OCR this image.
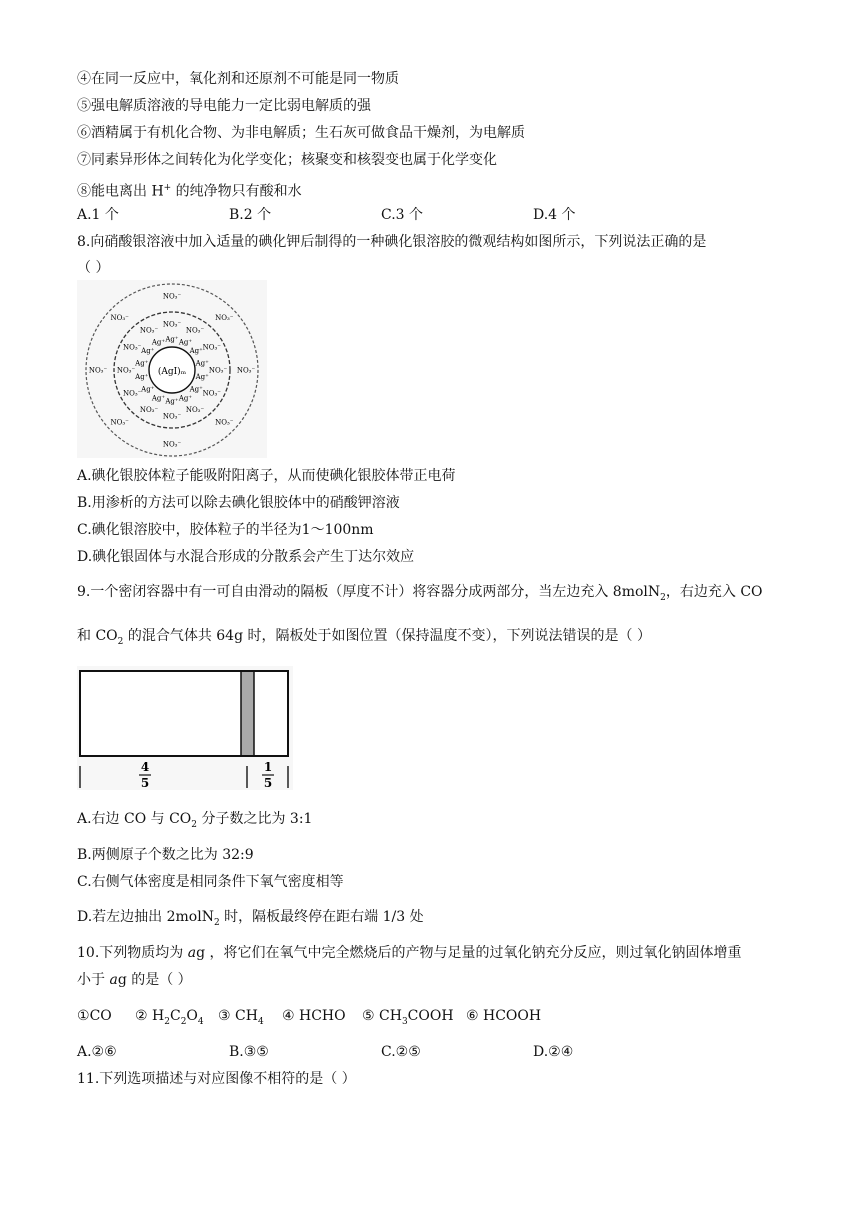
④在同一反应中，氧化剂和还原剂不可能是同一物质
⑤强电解质溶液的导电能力一定比弱电解质的强
⑥酒精属于有机化合物、为非电解质；生石灰可做食品干燥剂，为电解质
⑦同素异形体之间转化为化学变化；核聚变和核裂变也属于化学变化
⑧能电离出 H+ 的纯净物只有酸和水
A.1 个	B.2 个	C.3 个	D.4 个
8.向硝酸银溶液中加入适量的碘化钾后制得的一种碘化银溶胶的微观结构如图所示，下列说法正确的是
（ ）
(AgI)ₘ
Ag⁺ Ag⁺
Ag⁺
Ag⁺
Ag⁺
Ag⁺
Ag⁺
Ag⁺
Ag⁺
Ag⁺
Ag⁺
Ag⁺
Ag⁺
Ag⁺
NO₃⁻
NO₃⁻
NO₃⁻
NO₃⁻
NO₃⁻
NO₃⁻
NO₃⁻
NO₃⁻
NO₃⁻
NO₃⁻
NO₃⁻
NO₃⁻
NO₃⁻
NO₃⁻
NO₃⁻
NO₃⁻
NO₃⁻
NO₃⁻
NO₃⁻
NO₃⁻
A.碘化银胶体粒子能吸附阳离子，从而使碘化银胶体带正电荷
B.用渗析的方法可以除去碘化银胶体中的硝酸钾溶液
C.碘化银溶胶中，胶体粒子的半径为1～100nm
D.碘化银固体与水混合形成的分散系会产生丁达尔效应
9.一个密闭容器中有一可自由滑动的隔板（厚度不计）将容器分成两部分，当左边充入 8molN$_2$，右边充入 CO
和 $CO_2$ 的混合气体共 64g 时，隔板处于如图位置（保持温度不变），下列说法错误的是（ ）
4
5
1
5
A.右边 CO 与 $CO_2$ 分子数之比为 3:1
B.两侧原子个数之比为 32:9
C.右侧气体密度是相同条件下氧气密度相等
D.若左边抽出 2molN$_2$ 时，隔板最终停在距右端 1/3 处
10.下列物质均为 ag ，将它们在氧气中完全燃烧后的产物与足量的过氧化钠充分反应，则过氧化钠固体增重
小于 ag 的是（ ）
①CO ② $H_2C_2O_4$ ③ $CH_4$ ④ HCHO ⑤ $CH_3COOH$ ⑥ HCOOH
A.②⑥	B.③⑤	C.②⑤	D.②④
11.下列选项描述与对应图像不相符的是（ ）
